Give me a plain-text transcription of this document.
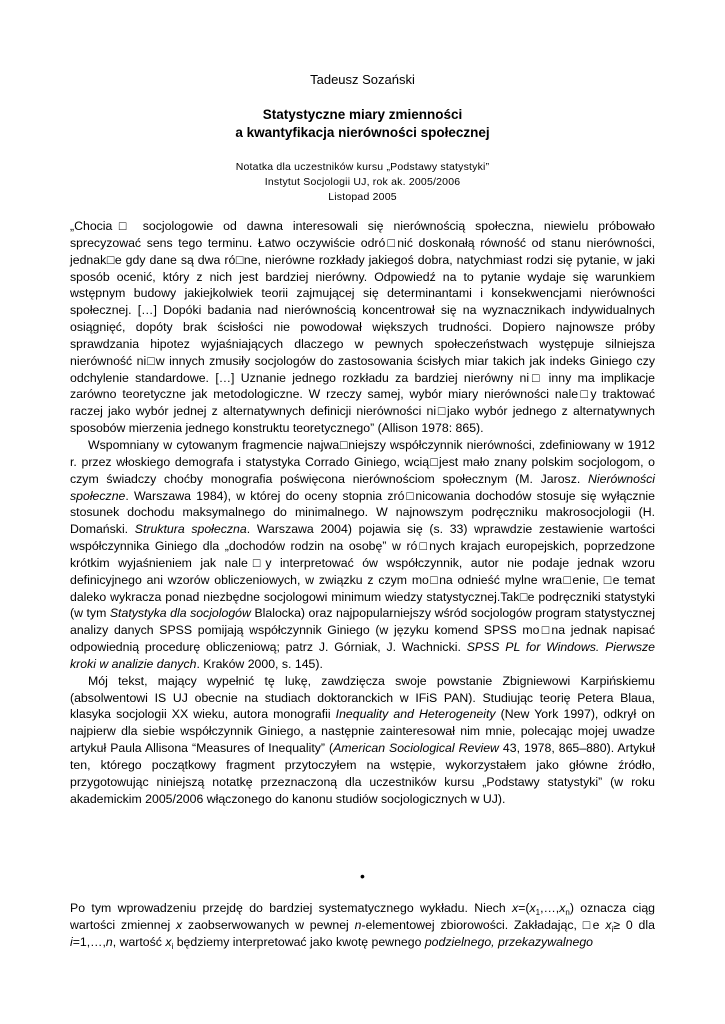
Tadeusz Sozański
Statystyczne miary zmienności
a kwantyfikacja nierówności społecznej
Notatka dla uczestników kursu „Podstawy statystyki”
Instytut Socjologii UJ, rok ak. 2005/2006
Listopad 2005

„Chocia□ socjologowie od dawna interesowali się nierównością społeczna, niewielu próbowało sprecyzować sens tego terminu. Łatwo oczywiście odró□nić doskonałą równość od stanu nierówności, jednak□e gdy dane są dwa ró□ne, nierówne rozkłady jakiegoś dobra, natychmiast rodzi się pytanie, w jaki sposób ocenić, który z nich jest bardziej nierówny. Odpowiedź na to pytanie wydaje się warunkiem wstępnym budowy jakiejkolwiek teorii zajmującej się determinantami i konsekwencjami nierówności społecznej. […] Dopóki badania nad nierównością koncentrował się na wyznacznikach indywidualnych osiągnięć, dopóty brak ścisłości nie powodował większych trudności. Dopiero najnowsze próby sprawdzania hipotez wyjaśniających dlaczego w pewnych społeczeństwach występuje silniejsza nierówność ni□w innych zmusiły socjologów do zastosowania ścisłych miar takich jak indeks Giniego czy odchylenie standardowe. […] Uznanie jednego rozkładu za bardziej nierówny ni□ inny ma implikacje zarówno teoretyczne jak metodologiczne. W rzeczy samej, wybór miary nierówności nale□y traktować raczej jako wybór jednej z alternatywnych definicji nierówności ni□jako wybór jednego z alternatywnych sposobów mierzenia jednego konstruktu teoretycznego” (Allison 1978: 865).

Wspomniany w cytowanym fragmencie najwa□niejszy współczynnik nierówności, zdefiniowany w 1912 r. przez włoskiego demografa i statystyka Corrado Giniego, wcią□jest mało znany polskim socjologom, o czym świadczy choćby monografia poświęcona nierównościom społecznym (M. Jarosz. Nierówności społeczne. Warszawa 1984), w której do oceny stopnia zró□nicowania dochodów stosuje się wyłącznie stosunek dochodu maksymalnego do minimalnego. W najnowszym podręczniku makrosocjologii (H. Domański. Struktura społeczna. Warszawa 2004) pojawia się (s. 33) wprawdzie zestawienie wartości współczynnika Giniego dla „dochodów rodzin na osobę” w ró□nych krajach europejskich, poprzedzone krótkim wyjaśnieniem jak nale□y interpretować ów współczynnik, autor nie podaje jednak wzoru definicyjnego ani wzorów obliczeniowych, w związku z czym mo□na odnieść mylne wra□enie, □e temat daleko wykracza ponad niezbędne socjologowi minimum wiedzy statystycznej.Tak□e podręczniki statystyki (w tym Statystyka dla socjologów Blalocka) oraz najpopularniejszy wśród socjologów program statystycznej analizy danych SPSS pomijają współczynnik Giniego (w języku komend SPSS mo□na jednak napisać odpowiednią procedurę obliczeniową; patrz J. Górniak, J. Wachnicki. SPSS PL for Windows. Pierwsze kroki w analizie danych. Kraków 2000, s. 145).

Mój tekst, mający wypełnić tę lukę, zawdzięcza swoje powstanie Zbigniewowi Karpińskiemu (absolwentowi IS UJ obecnie na studiach doktoranckich w IFiS PAN). Studiując teorię Petera Blaua, klasyka socjologii XX wieku, autora monografii Inequality and Heterogeneity (New York 1997), odkrył on najpierw dla siebie współczynnik Giniego, a następnie zainteresował nim mnie, polecając mojej uwadze artykuł Paula Allisona “Measures of Inequality” (American Sociological Review 43, 1978, 865–880). Artykuł ten, którego początkowy fragment przytoczyłem na wstępie, wykorzystałem jako główne źródło, przygotowując niniejszą notatkę przeznaczoną dla uczestników kursu „Podstawy statystyki” (w roku akademickim 2005/2006 włączonego do kanonu studiów socjologicznych w UJ).

•

Po tym wprowadzeniu przejdę do bardziej systematycznego wykładu. Niech $x=(x_1,\dots,x_n)$ oznacza ciąg wartości zmiennej x zaobserwowanych w pewnej n-elementowej zbiorowości. Zakładając, □e $x_i\ge 0$ dla i=1,…,n, wartość $x_i$ będziemy interpretować jako kwotę pewnego podzielnego, przekazywalnego
